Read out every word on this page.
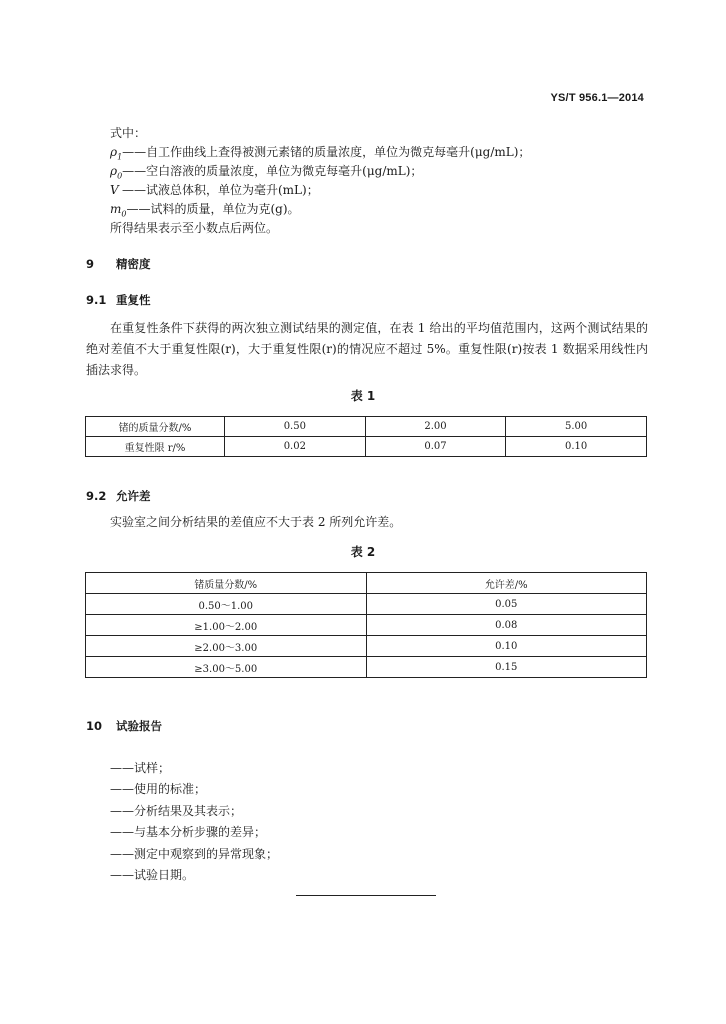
YS/T 956.1—2014
式中：
$\rho_1——$自工作曲线上查得被测元素锗的质量浓度，单位为微克每毫升(μg/mL)；
$\rho_0——$空白溶液的质量浓度，单位为微克每毫升(μg/mL)；
V ——试液总体积，单位为毫升(mL)；
$m_0——$试料的质量，单位为克(g)。
所得结果表示至小数点后两位。
9 精密度
9.1 重复性
在重复性条件下获得的两次独立测试结果的测定值，在表 1 给出的平均值范围内，这两个测试结果的绝对差值不大于重复性限(r)，大于重复性限(r)的情况应不超过 5%。重复性限(r)按表 1 数据采用线性内插法求得。
表 1
锗的质量分数/%	0.50	2.00	5.00
重复性限 r/%	0.02	0.07	0.10
9.2 允许差
实验室之间分析结果的差值应不大于表 2 所列允许差。
表 2
锗质量分数/%	允许差/%
0.50～1.00	0.05
≥1.00～2.00	0.08
≥2.00～3.00	0.10
≥3.00～5.00	0.15
10 试验报告
——试样；
——使用的标准；
——分析结果及其表示；
——与基本分析步骤的差异；
——测定中观察到的异常现象；
——试验日期。
